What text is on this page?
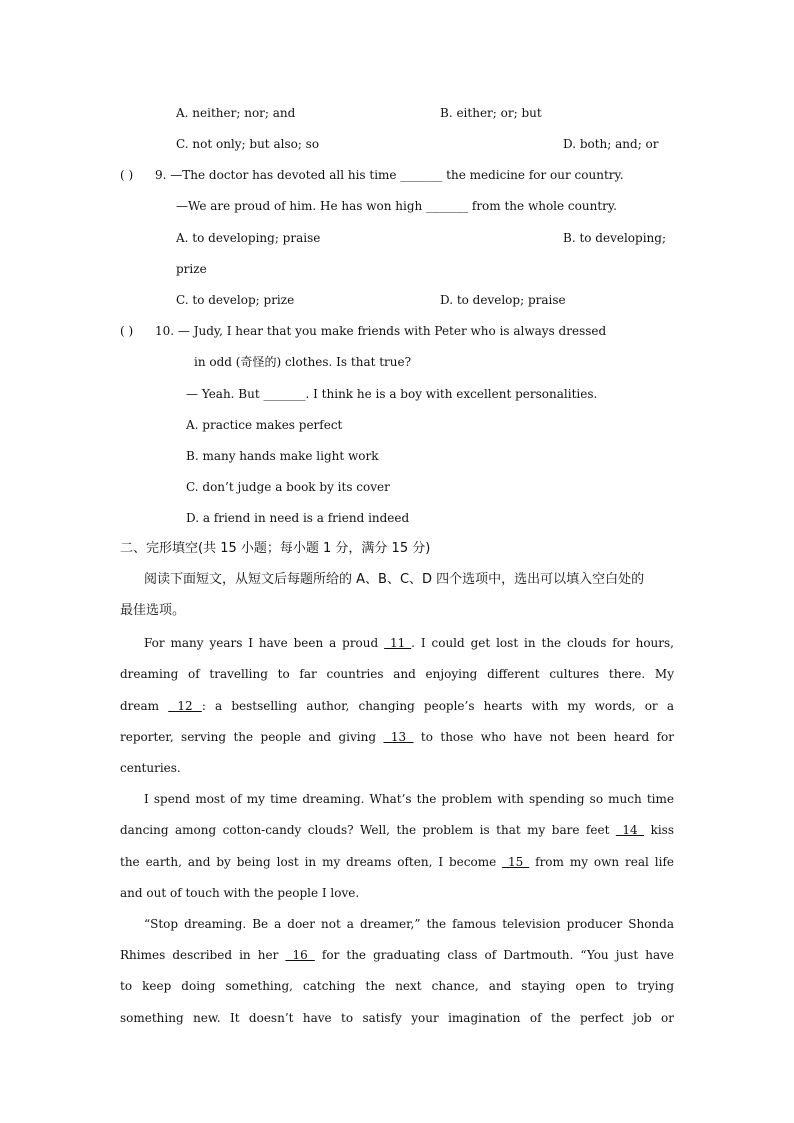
A. neither; nor; and	B. either; or; but
C. not only; but also; so	D. both; and; or
( ) 9. —The doctor has devoted all his time _______ the medicine for our country.
—We are proud of him. He has won high _______ from the whole country.
A. to developing; praise	B. to developing;
prize
C. to develop; prize	D. to develop; praise
( ) 10. — Judy, I hear that you make friends with Peter who is always dressed
in odd (奇怪的) clothes. Is that true?
— Yeah. But _______. I think he is a boy with excellent personalities.
A. practice makes perfect
B. many hands make light work
C. don’t judge a book by its cover
D. a friend in need is a friend indeed
二、完形填空(共 15 小题；每小题 1 分，满分 15 分)
阅读下面短文，从短文后每题所给的 A、B、C、D 四个选项中，选出可以填入空白处的
最佳选项。
For many years I have been a proud  11 . I could get lost in the clouds for hours,
dreaming of travelling to far countries and enjoying different cultures there. My
dream  12 : a bestselling author, changing people’s hearts with my words, or a
reporter, serving the people and giving  13  to those who have not been heard for
centuries.
I spend most of my time dreaming. What’s the problem with spending so much time
dancing among cotton-candy clouds? Well, the problem is that my bare feet  14  kiss
the earth, and by being lost in my dreams often, I become  15  from my own real life
and out of touch with the people I love.
“Stop dreaming. Be a doer not a dreamer,” the famous television producer Shonda
Rhimes described in her  16  for the graduating class of Dartmouth. “You just have
to keep doing something, catching the next chance, and staying open to trying
something new. It doesn’t have to satisfy your imagination of the perfect job or
